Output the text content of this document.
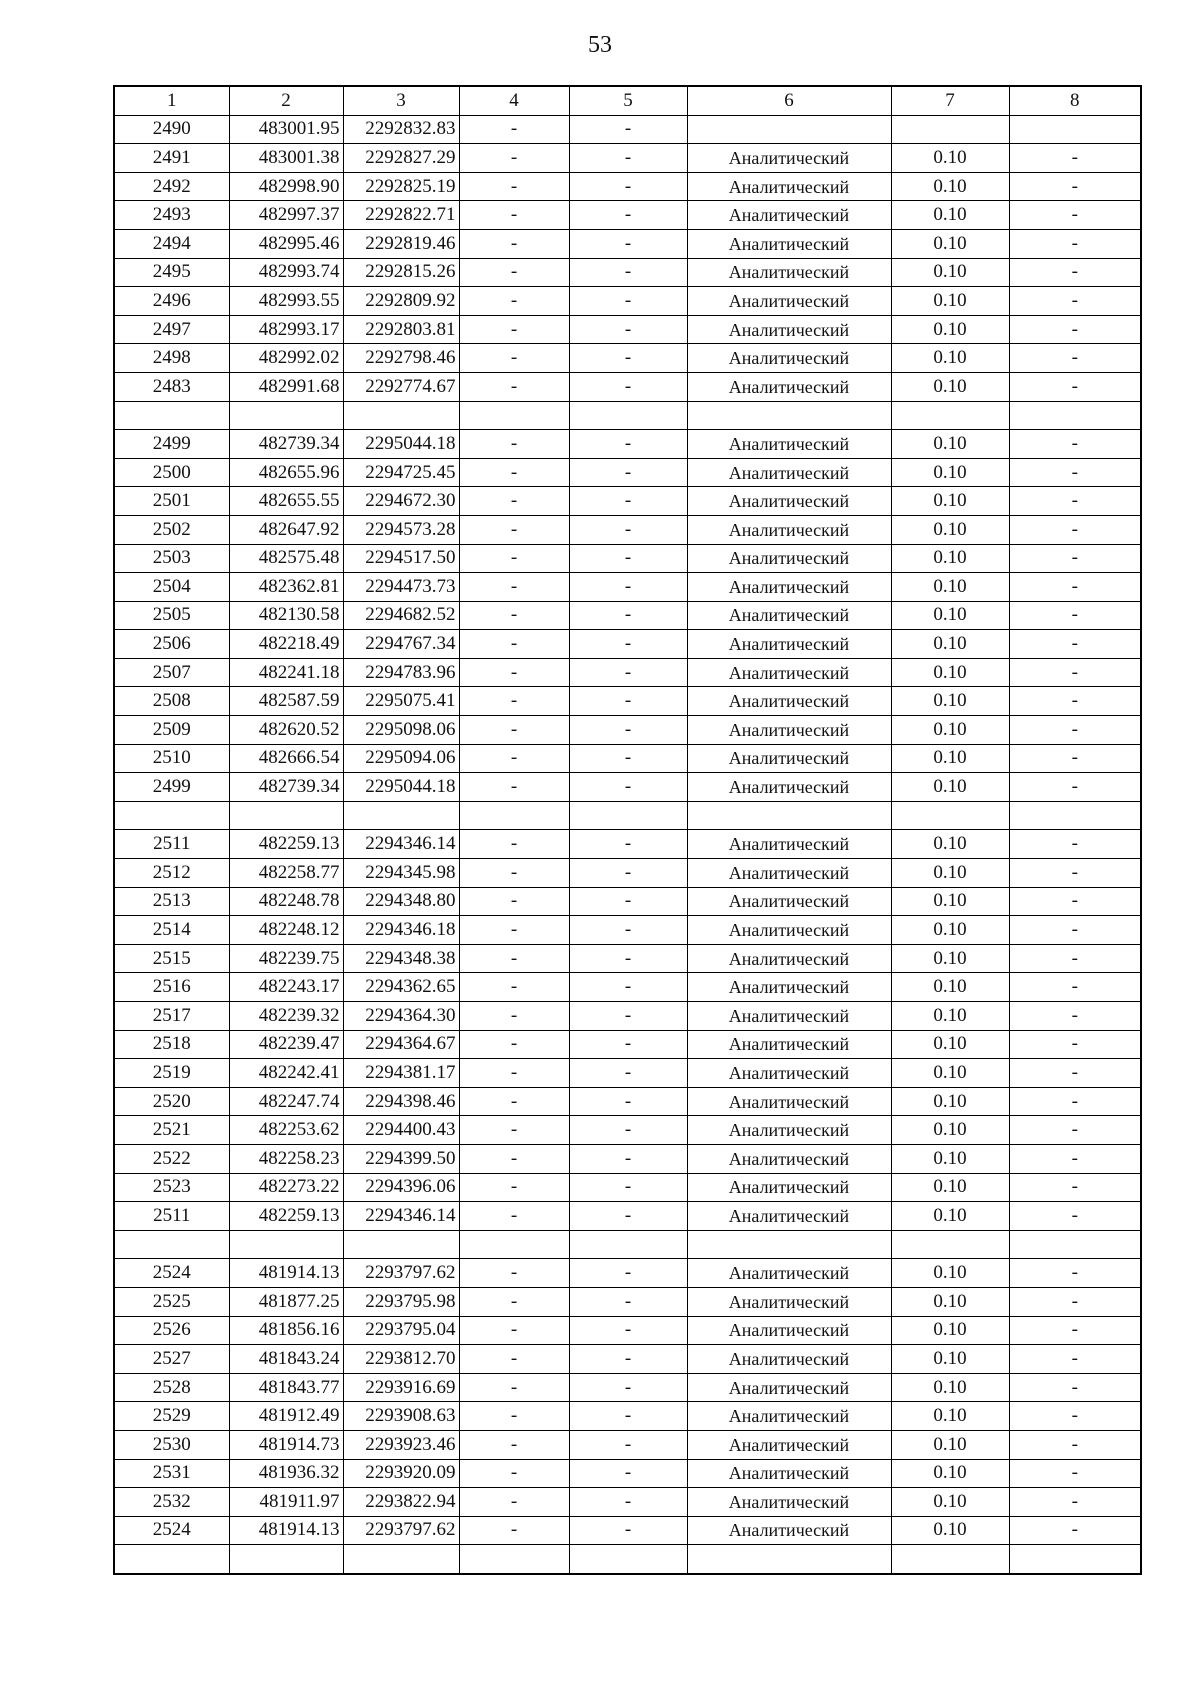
53
1	2	3	4	5	6	7	8
2490	483001.95	2292832.83	-	-			
2491	483001.38	2292827.29	-	-	Аналитический	0.10	-
2492	482998.90	2292825.19	-	-	Аналитический	0.10	-
2493	482997.37	2292822.71	-	-	Аналитический	0.10	-
2494	482995.46	2292819.46	-	-	Аналитический	0.10	-
2495	482993.74	2292815.26	-	-	Аналитический	0.10	-
2496	482993.55	2292809.92	-	-	Аналитический	0.10	-
2497	482993.17	2292803.81	-	-	Аналитический	0.10	-
2498	482992.02	2292798.46	-	-	Аналитический	0.10	-
2483	482991.68	2292774.67	-	-	Аналитический	0.10	-

2499	482739.34	2295044.18	-	-	Аналитический	0.10	-
2500	482655.96	2294725.45	-	-	Аналитический	0.10	-
2501	482655.55	2294672.30	-	-	Аналитический	0.10	-
2502	482647.92	2294573.28	-	-	Аналитический	0.10	-
2503	482575.48	2294517.50	-	-	Аналитический	0.10	-
2504	482362.81	2294473.73	-	-	Аналитический	0.10	-
2505	482130.58	2294682.52	-	-	Аналитический	0.10	-
2506	482218.49	2294767.34	-	-	Аналитический	0.10	-
2507	482241.18	2294783.96	-	-	Аналитический	0.10	-
2508	482587.59	2295075.41	-	-	Аналитический	0.10	-
2509	482620.52	2295098.06	-	-	Аналитический	0.10	-
2510	482666.54	2295094.06	-	-	Аналитический	0.10	-
2499	482739.34	2295044.18	-	-	Аналитический	0.10	-

2511	482259.13	2294346.14	-	-	Аналитический	0.10	-
2512	482258.77	2294345.98	-	-	Аналитический	0.10	-
2513	482248.78	2294348.80	-	-	Аналитический	0.10	-
2514	482248.12	2294346.18	-	-	Аналитический	0.10	-
2515	482239.75	2294348.38	-	-	Аналитический	0.10	-
2516	482243.17	2294362.65	-	-	Аналитический	0.10	-
2517	482239.32	2294364.30	-	-	Аналитический	0.10	-
2518	482239.47	2294364.67	-	-	Аналитический	0.10	-
2519	482242.41	2294381.17	-	-	Аналитический	0.10	-
2520	482247.74	2294398.46	-	-	Аналитический	0.10	-
2521	482253.62	2294400.43	-	-	Аналитический	0.10	-
2522	482258.23	2294399.50	-	-	Аналитический	0.10	-
2523	482273.22	2294396.06	-	-	Аналитический	0.10	-
2511	482259.13	2294346.14	-	-	Аналитический	0.10	-

2524	481914.13	2293797.62	-	-	Аналитический	0.10	-
2525	481877.25	2293795.98	-	-	Аналитический	0.10	-
2526	481856.16	2293795.04	-	-	Аналитический	0.10	-
2527	481843.24	2293812.70	-	-	Аналитический	0.10	-
2528	481843.77	2293916.69	-	-	Аналитический	0.10	-
2529	481912.49	2293908.63	-	-	Аналитический	0.10	-
2530	481914.73	2293923.46	-	-	Аналитический	0.10	-
2531	481936.32	2293920.09	-	-	Аналитический	0.10	-
2532	481911.97	2293822.94	-	-	Аналитический	0.10	-
2524	481914.13	2293797.62	-	-	Аналитический	0.10	-
